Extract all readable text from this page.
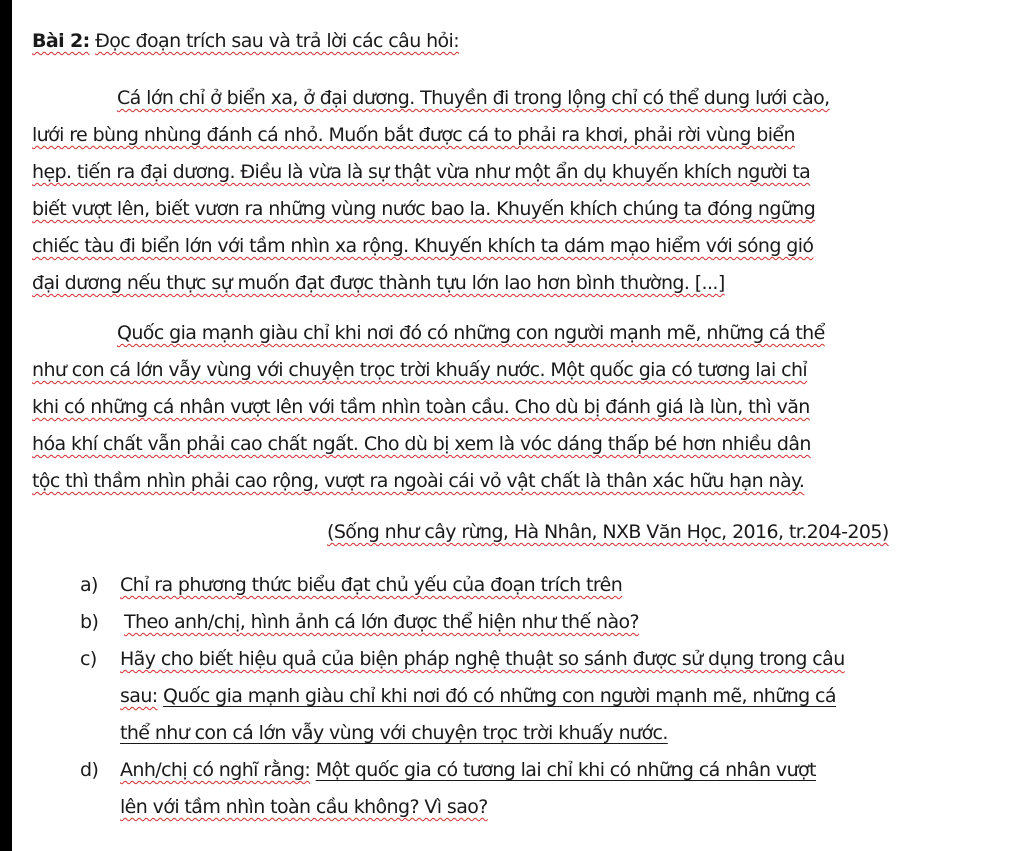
Bài 2: Đọc đoạn trích sau và trả lời các câu hỏi:
Cá lớn chỉ ở biển xa, ở đại dương. Thuyền đi trong lộng chỉ có thể dung lưới cào,
lưới re bùng nhùng đánh cá nhỏ. Muốn bắt được cá to phải ra khơi, phải rời vùng biển
hẹp. tiến ra đại dương. Điều là vừa là sự thật vừa như một ẩn dụ khuyến khích người ta
biết vượt lên, biết vươn ra những vùng nước bao la. Khuyến khích chúng ta đóng ngững
chiếc tàu đi biển lớn với tầm nhìn xa rộng. Khuyến khích ta dám mạo hiểm với sóng gió
đại dương nếu thực sự muốn đạt được thành tựu lớn lao hơn bình thường. [...]
Quốc gia mạnh giàu chỉ khi nơi đó có những con người mạnh mẽ, những cá thể
như con cá lớn vẫy vùng với chuyện trọc trời khuấy nước. Một quốc gia có tương lai chỉ
khi có những cá nhân vượt lên với tầm nhìn toàn cầu. Cho dù bị đánh giá là lùn, thì văn
hóa khí chất vẫn phải cao chất ngất. Cho dù bị xem là vóc dáng thấp bé hơn nhiều dân
tộc thì thầm nhìn phải cao rộng, vượt ra ngoài cái vỏ vật chất là thân xác hữu hạn này.
(Sống như cây rừng, Hà Nhân, NXB Văn Học, 2016, tr.204-205)
a) Chỉ ra phương thức biểu đạt chủ yếu của đoạn trích trên
b) Theo anh/chị, hình ảnh cá lớn được thể hiện như thế nào?
c) Hãy cho biết hiệu quả của biện pháp nghệ thuật so sánh được sử dụng trong câu
sau: Quốc gia mạnh giàu chỉ khi nơi đó có những con người mạnh mẽ, những cá
thể như con cá lớn vẫy vùng với chuyện trọc trời khuấy nước.
d) Anh/chị có nghĩ rằng: Một quốc gia có tương lai chỉ khi có những cá nhân vượt
lên với tầm nhìn toàn cầu không? Vì sao?
